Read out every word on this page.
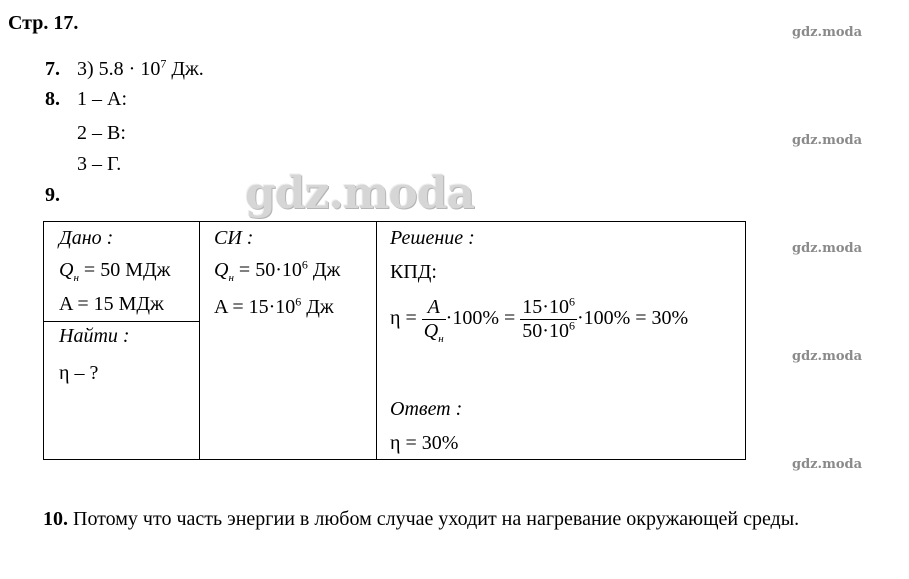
Стр. 17.	gdz.moda
gdz.moda
gdz.moda
gdz.moda
gdz.moda
7. 3) $5.8 \cdot 10^7$ Дж.
8. 1 – А:
2 – В:
3 – Г.
9.	gdz.moda
Дано :
$Q_н = 50$ МДж
A = 15 МДж
Найти :
η – ?
СИ :
$Q_н = 50\cdot 10^6$ Дж
$A = 15\cdot 10^6$ Дж
Решение :
КПД:
$\eta = \frac{A}{Q_н} \cdot 100\% = \frac{15\cdot 10^6}{50\cdot 10^6} \cdot 100\% = 30\%$
Ответ :
η = 30%
10. Потому что часть энергии в любом случае уходит на нагревание окружающей среды.
